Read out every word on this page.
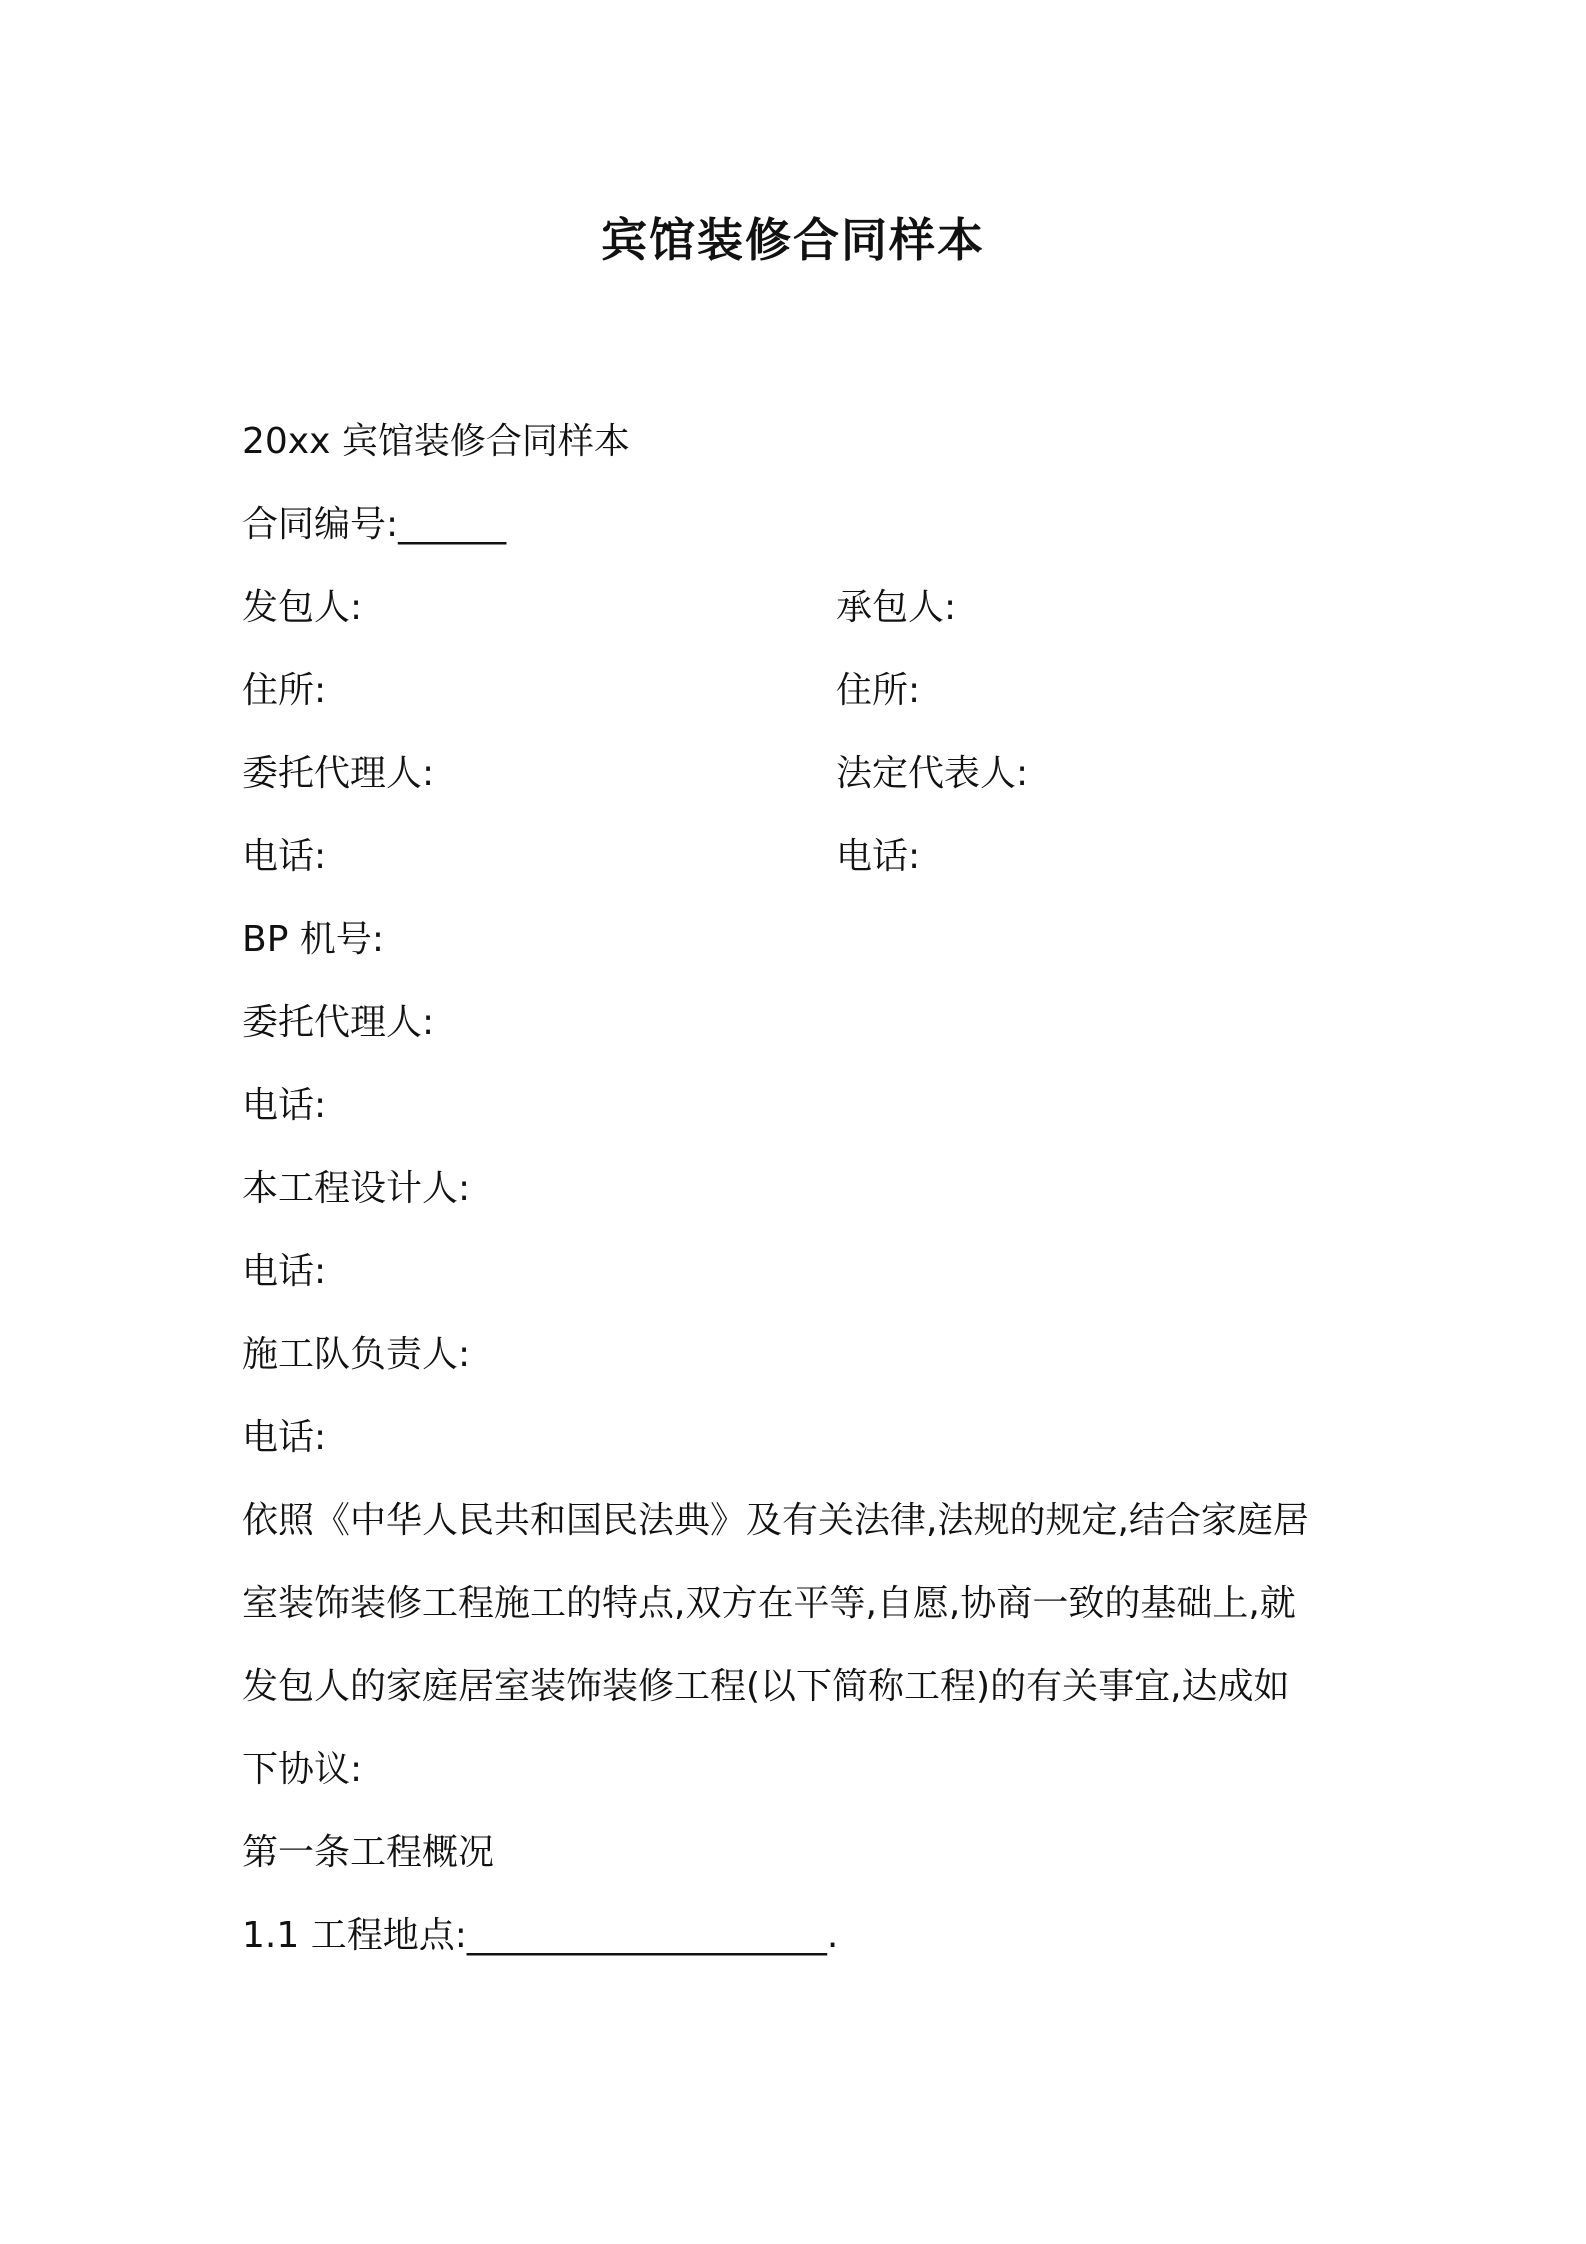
宾馆装修合同样本
20xx 宾馆装修合同样本
合同编号:______
发包人:	承包人:
住所:	住所:
委托代理人:	法定代表人:
电话:	电话:
BP 机号:
委托代理人:
电话:
本工程设计人:
电话:
施工队负责人:
电话:
依照《中华人民共和国民法典》及有关法律,法规的规定,结合家庭居
室装饰装修工程施工的特点,双方在平等,自愿,协商一致的基础上,就
发包人的家庭居室装饰装修工程(以下简称工程)的有关事宜,达成如
下协议:
第一条工程概况
1.1 工程地点:____________________.
